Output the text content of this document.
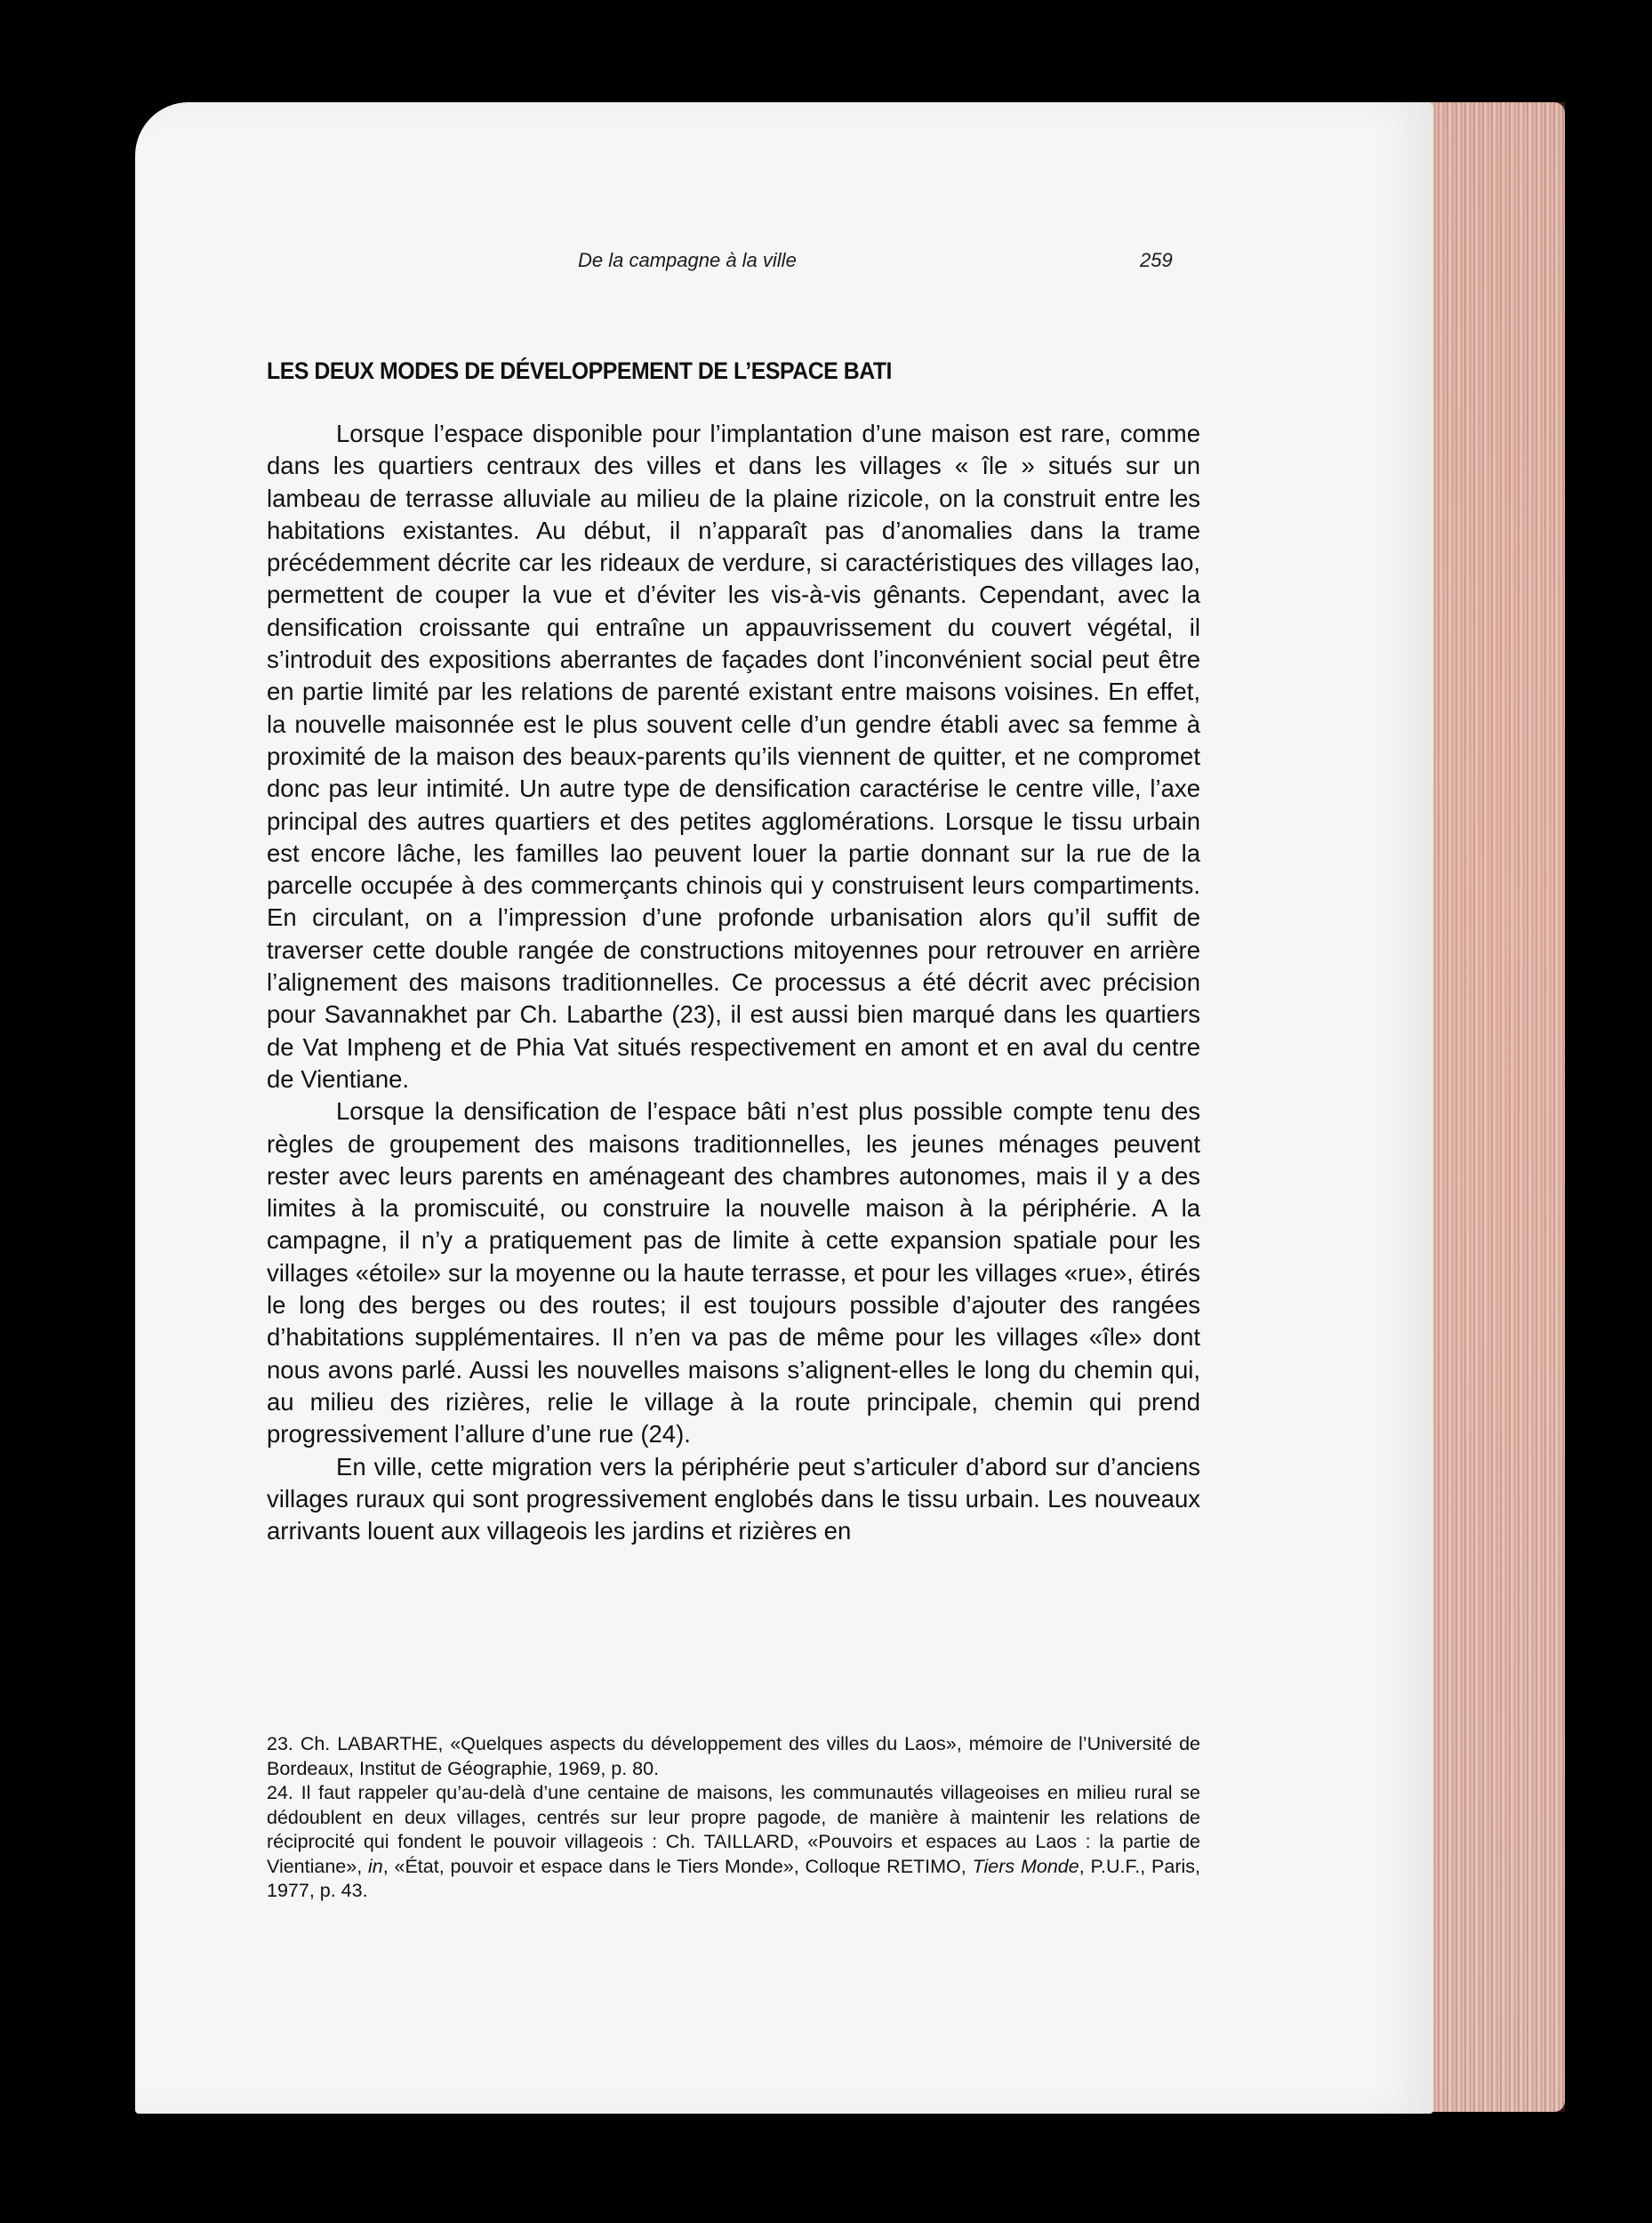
De la campagne à la ville	259
LES DEUX MODES DE DÉVELOPPEMENT DE L’ESPACE BATI

Lorsque l’espace disponible pour l’implantation d’une maison est rare, comme dans les quartiers centraux des villes et dans les villages « île » situés sur un lambeau de terrasse alluviale au milieu de la plaine rizicole, on la construit entre les habitations existantes. Au début, il n’apparaît pas d’anomalies dans la trame précédemment décrite car les rideaux de verdure, si caractéristiques des villages lao, permettent de couper la vue et d’éviter les vis-à-vis gênants. Cependant, avec la densification croissante qui entraîne un appauvrissement du couvert végétal, il s’introduit des expositions aberrantes de façades dont l’inconvénient social peut être en partie limité par les relations de parenté existant entre maisons voisines. En effet, la nouvelle maisonnée est le plus souvent celle d’un gendre établi avec sa femme à proximité de la maison des beaux-parents qu’ils viennent de quitter, et ne compromet donc pas leur intimité. Un autre type de densification caractérise le centre ville, l’axe principal des autres quartiers et des petites agglomérations. Lorsque le tissu urbain est encore lâche, les familles lao peuvent louer la partie donnant sur la rue de la parcelle occupée à des commerçants chinois qui y construisent leurs compartiments. En circulant, on a l’impression d’une profonde urbanisation alors qu’il suffit de traverser cette double rangée de constructions mitoyennes pour retrouver en arrière l’alignement des maisons traditionnelles. Ce processus a été décrit avec précision pour Savannakhet par Ch. Labarthe (23), il est aussi bien marqué dans les quartiers de Vat Impheng et de Phia Vat situés respectivement en amont et en aval du centre de Vientiane.

Lorsque la densification de l’espace bâti n’est plus possible compte tenu des règles de groupement des maisons traditionnelles, les jeunes ménages peuvent rester avec leurs parents en aménageant des chambres autonomes, mais il y a des limites à la promiscuité, ou construire la nouvelle maison à la périphérie. A la campagne, il n’y a pratiquement pas de limite à cette expansion spatiale pour les villages «étoile» sur la moyenne ou la haute terrasse, et pour les villages «rue», étirés le long des berges ou des routes; il est toujours possible d’ajouter des rangées d’habitations supplémentaires. Il n’en va pas de même pour les villages «île» dont nous avons parlé. Aussi les nouvelles maisons s’alignent-elles le long du chemin qui, au milieu des rizières, relie le village à la route principale, chemin qui prend progressivement l’allure d’une rue (24).

En ville, cette migration vers la périphérie peut s’articuler d’abord sur d’anciens villages ruraux qui sont progressivement englobés dans le tissu urbain. Les nouveaux arrivants louent aux villageois les jardins et rizières en

23. Ch. LABARTHE, «Quelques aspects du développement des villes du Laos», mémoire de l’Université de Bordeaux, Institut de Géographie, 1969, p. 80.

24. Il faut rappeler qu’au-delà d’une centaine de maisons, les communautés villageoises en milieu rural se dédoublent en deux villages, centrés sur leur propre pagode, de manière à maintenir les relations de réciprocité qui fondent le pouvoir villageois : Ch. TAILLARD, «Pouvoirs et espaces au Laos : la partie de Vientiane», in, «État, pouvoir et espace dans le Tiers Monde», Colloque RETIMO, Tiers Monde, P.U.F., Paris, 1977, p. 43.
